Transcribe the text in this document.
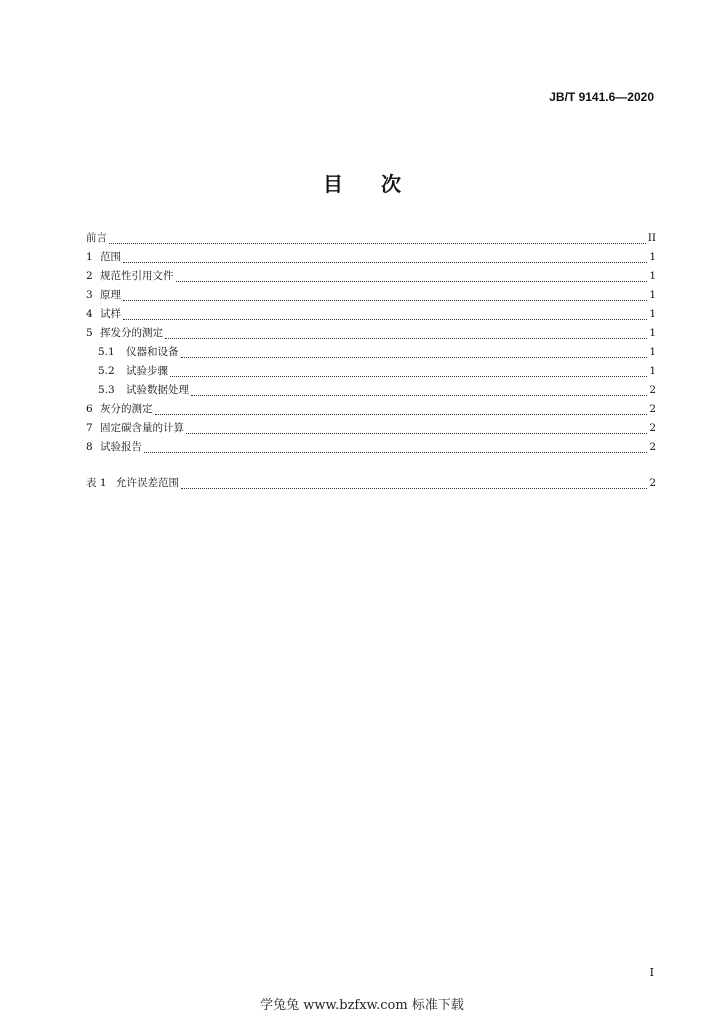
JB/T 9141.6—2020
目 次
前言	II
1 范围	1
2 规范性引用文件	1
3 原理	1
4 试样	1
5 挥发分的测定	1
5.1	仪器和设备	1
5.2	试验步骤	1
5.3	试验数据处理	2
6 灰分的测定	2
7 固定碳含量的计算	2
8 试验报告	2
表 1 允许误差范围	2
I
学兔兔 www.bzfxw.com 标准下载
